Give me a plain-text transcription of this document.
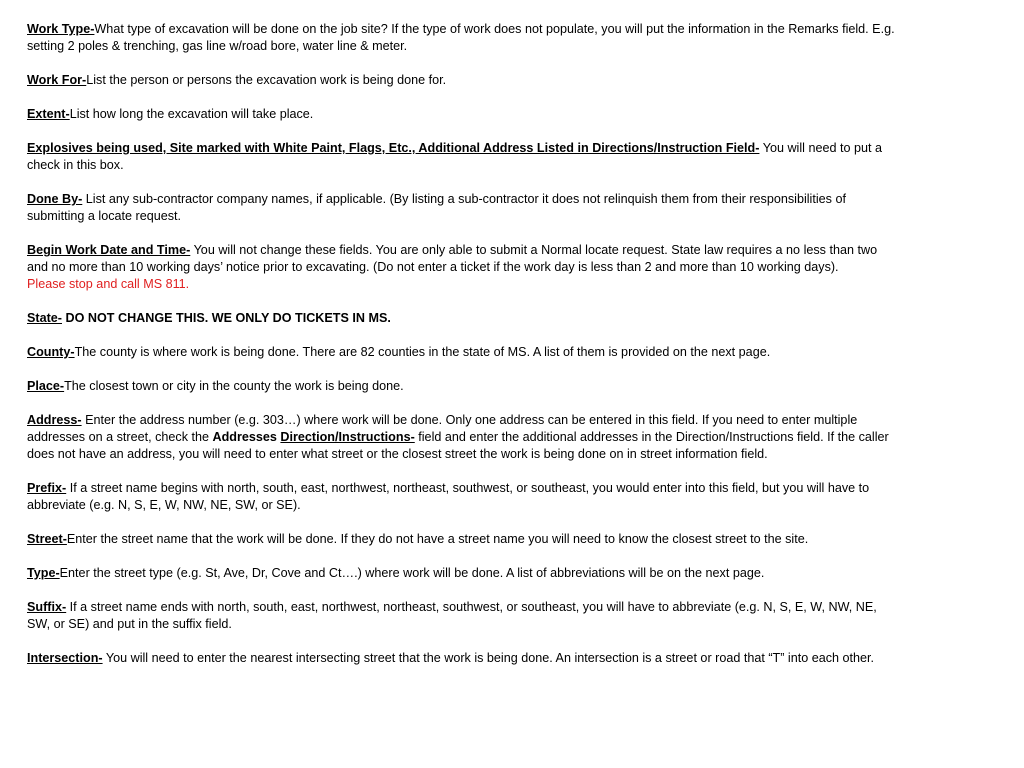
Work Type-What type of excavation will be done on the job site? If the type of work does not populate, you will put the information in the Remarks field. E.g. setting 2 poles & trenching, gas line w/road bore, water line & meter.

Work For-List the person or persons the excavation work is being done for.

Extent-List how long the excavation will take place.

Explosives being used, Site marked with White Paint, Flags, Etc., Additional Address Listed in Directions/Instruction Field- You will need to put a check in this box.

Done By- List any sub-contractor company names, if applicable. (By listing a sub-contractor it does not relinquish them from their responsibilities of submitting a locate request.

Begin Work Date and Time- You will not change these fields. You are only able to submit a Normal locate request. State law requires a no less than two and no more than 10 working days’ notice prior to excavating. (Do not enter a ticket if the work day is less than 2 and more than 10 working days).
Please stop and call MS 811.

State- DO NOT CHANGE THIS. WE ONLY DO TICKETS IN MS.

County-The county is where work is being done. There are 82 counties in the state of MS. A list of them is provided on the next page.

Place-The closest town or city in the county the work is being done.

Address- Enter the address number (e.g. 303…) where work will be done. Only one address can be entered in this field. If you need to enter multiple addresses on a street, check the Addresses Direction/Instructions- field and enter the additional addresses in the Direction/Instructions field. If the caller does not have an address, you will need to enter what street or the closest street the work is being done on in street information field.

Prefix- If a street name begins with north, south, east, northwest, northeast, southwest, or southeast, you would enter into this field, but you will have to abbreviate (e.g. N, S, E, W, NW, NE, SW, or SE).

Street-Enter the street name that the work will be done. If they do not have a street name you will need to know the closest street to the site.

Type-Enter the street type (e.g. St, Ave, Dr, Cove and Ct….) where work will be done. A list of abbreviations will be on the next page.

Suffix- If a street name ends with north, south, east, northwest, northeast, southwest, or southeast, you will have to abbreviate (e.g. N, S, E, W, NW, NE, SW, or SE) and put in the suffix field.

Intersection- You will need to enter the nearest intersecting street that the work is being done. An intersection is a street or road that “T” into each other.
